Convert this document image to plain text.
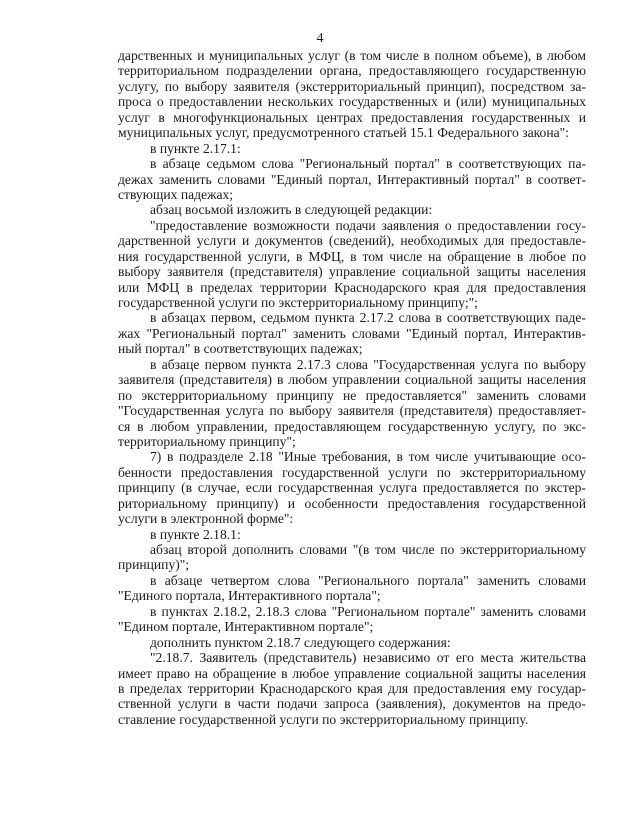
4
дарственных и муниципальных услуг (в том числе в полном объеме), в любом
территориальном подразделении органа, предоставляющего государственную
услугу, по выбору заявителя (экстерриториальный принцип), посредством за-
проса о предоставлении нескольких государственных и (или) муниципальных
услуг в многофункциональных центрах предоставления государственных и
муниципальных услуг, предусмотренного статьей 15.1 Федерального закона":
в пункте 2.17.1:
в абзаце седьмом слова "Региональный портал" в соответствующих па-
дежах заменить словами "Единый портал, Интерактивный портал" в соответ-
ствующих падежах;
абзац восьмой изложить в следующей редакции:
"предоставление возможности подачи заявления о предоставлении госу-
дарственной услуги и документов (сведений), необходимых для предоставле-
ния государственной услуги, в МФЦ, в том числе на обращение в любое по
выбору заявителя (представителя) управление социальной защиты населения
или МФЦ в пределах территории Краснодарского края для предоставления
государственной услуги по экстерриториальному принципу;";
в абзацах первом, седьмом пункта 2.17.2 слова в соответствующих паде-
жах "Региональный портал" заменить словами "Единый портал, Интерактив-
ный портал" в соответствующих падежах;
в абзаце первом пункта 2.17.3 слова "Государственная услуга по выбору
заявителя (представителя) в любом управлении социальной защиты населения
по экстерриториальному принципу не предоставляется" заменить словами
"Государственная услуга по выбору заявителя (представителя) предоставляет-
ся в любом управлении, предоставляющем государственную услугу, по экс-
территориальному принципу";
7) в подразделе 2.18 "Иные требования, в том числе учитывающие осо-
бенности предоставления государственной услуги по экстерриториальному
принципу (в случае, если государственная услуга предоставляется по экстер-
риториальному принципу) и особенности предоставления государственной
услуги в электронной форме":
в пункте 2.18.1:
абзац второй дополнить словами "(в том числе по экстерриториальному
принципу)";
в абзаце четвертом слова "Регионального портала" заменить словами
"Единого портала, Интерактивного портала";
в пунктах 2.18.2, 2.18.3 слова "Региональном портале" заменить словами
"Едином портале, Интерактивном портале";
дополнить пунктом 2.18.7 следующего содержания:
"2.18.7. Заявитель (представитель) независимо от его места жительства
имеет право на обращение в любое управление социальной защиты населения
в пределах территории Краснодарского края для предоставления ему государ-
ственной услуги в части подачи запроса (заявления), документов на предо-
ставление государственной услуги по экстерриториальному принципу.
